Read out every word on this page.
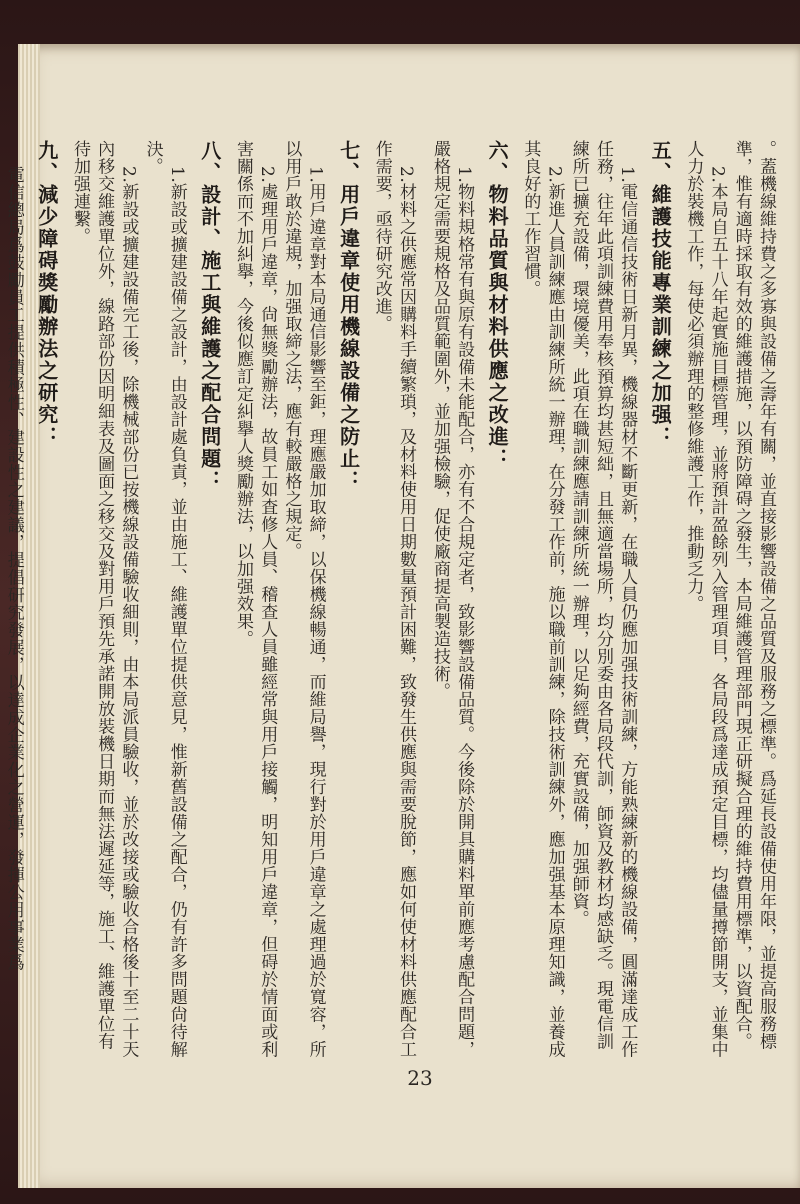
。蓋機線維持費之多寡與設備之壽年有關，並直接影響設備之品質及服務之標準。爲延長設備使用年限，並提高服務標準，惟有適時採取有效的維護措施，以預防障碍之發生，本局維護管理部門現正研擬合理的維持費用標準，以資配合。

2.本局自五十八年起實施目標管理，並將預計盈餘列入管理項目，各局段爲達成預定目標，均儘量撙節開支，並集中人力於裝機工作，每使必須辦理的整修維護工作，推動乏力。

五、維護技能專業訓練之加强：

1.電信通信技術日新月異，機線器材不斷更新，在職人員仍應加强技術訓練，方能熟練新的機線設備，圓滿達成工作任務，往年此項訓練費用奉核預算均甚短絀，且無適當場所，均分別委由各局段代訓，師資及教材均感缺乏。現電信訓練所已擴充設備，環境優美，此項在職訓練應請訓練所統一辦理，以足夠經費，充實設備，加强師資。

2.新進人員訓練應由訓練所統一辦理，在分發工作前，施以職前訓練，除技術訓練外，應加强基本原理知識，並養成其良好的工作習慣。

六、物料品質與材料供應之改進：

1.物料規格常有與原有設備未能配合，亦有不合規定者，致影響設備品質。今後除於開具購料單前應考慮配合問題，嚴格規定需要規格及品質範圍外，並加强檢驗，促使廠商提高製造技術。

2.材料之供應常因購料手續繁瑣，及材料使用日期數量預計困難，致發生供應與需要脫節，應如何使材料供應配合工作需要，亟待研究改進。

七、用戶違章使用機線設備之防止：

1.用戶違章對本局通信影響至鉅，理應嚴加取締，以保機線暢通，而維局譽，現行對於用戶違章之處理過於寬容，所以用戶敢於違規，加强取締之法，應有較嚴格之規定。

2.處理用戶違章，尙無獎勵辦法，故員工如査修人員、稽查人員雖經常與用戶接觸，明知用戶違章，但碍於情面或利害關係而不加糾擧，今後似應訂定糾擧人獎勵辦法，以加强效果。

八、設計、施工與維護之配合問題：

1.新設或擴建設備之設計，由設計處負責，並由施工、維護單位提供意見，惟新舊設備之配合，仍有許多問題尙待解決。

2.新設或擴建設備完工後，除機械部份已按機線設備驗收細則，由本局派員驗收，並於改接或驗收合格後十至二十天內移交維護單位外，線路部份因明細表及圖面之移交及對用戶預先承諾開放裝機日期而無法遲延等，施工、維護單位有待加强連繫。

九、減少障碍獎勵辦法之研究：

電信總局爲鼓勵員工提供積極性、建設性之建議，提倡研究發展，以達成企業化之營運，發揮公用事業爲

23
